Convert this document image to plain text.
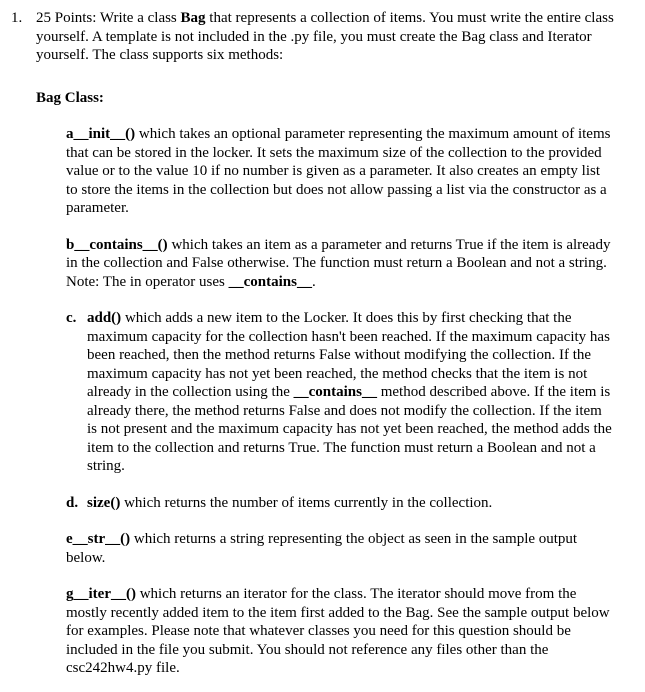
1. 25 Points: Write a class Bag that represents a collection of items. You must write the entire class yourself. A template is not included in the .py file, you must create the Bag class and Iterator yourself. The class supports six methods:

Bag Class:

a__init__() which takes an optional parameter representing the maximum amount of items that can be stored in the locker. It sets the maximum size of the collection to the provided value or to the value 10 if no number is given as a parameter. It also creates an empty list to store the items in the collection but does not allow passing a list via the constructor as a parameter.

b__contains__() which takes an item as a parameter and returns True if the item is already in the collection and False otherwise. The function must return a Boolean and not a string. Note: The in operator uses __contains__.

c. add() which adds a new item to the Locker. It does this by first checking that the maximum capacity for the collection hasn't been reached. If the maximum capacity has been reached, then the method returns False without modifying the collection. If the maximum capacity has not yet been reached, the method checks that the item is not already in the collection using the __contains__ method described above. If the item is already there, the method returns False and does not modify the collection. If the item is not present and the maximum capacity has not yet been reached, the method adds the item to the collection and returns True. The function must return a Boolean and not a string.

d. size() which returns the number of items currently in the collection.

e__str__() which returns a string representing the object as seen in the sample output below.

g__iter__() which returns an iterator for the class. The iterator should move from the mostly recently added item to the item first added to the Bag. See the sample output below for examples. Please note that whatever classes you need for this question should be included in the file you submit. You should not reference any files other than the csc242hw4.py file.
